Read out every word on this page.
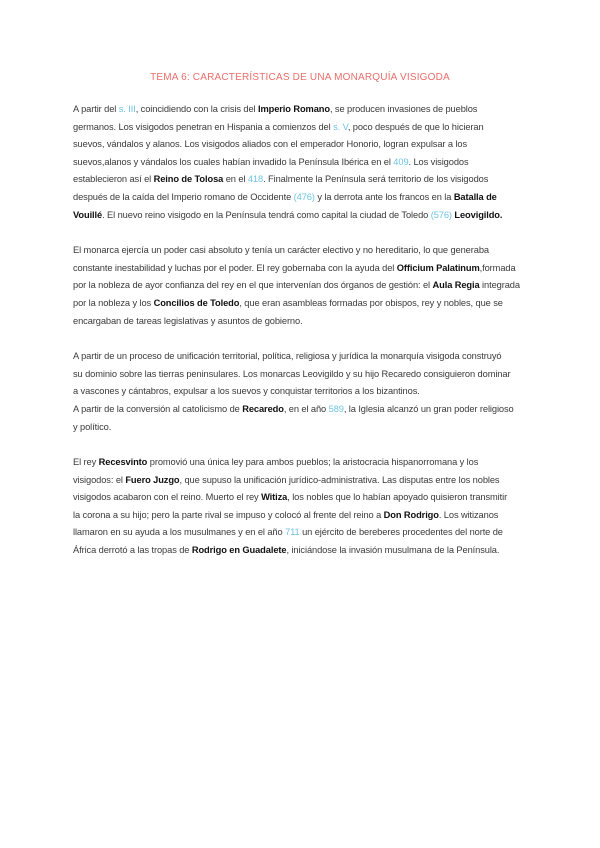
TEMA 6: CARACTERÍSTICAS DE UNA MONARQUÍA VISIGODA

A partir del s. III, coincidiendo con la crisis del Imperio Romano, se producen invasiones de pueblos
germanos. Los visigodos penetran en Hispania a comienzos del s. V, poco después de que lo hicieran
suevos, vándalos y alanos. Los visigodos aliados con el emperador Honorio, logran expulsar a los
suevos,alanos y vándalos los cuales habían invadido la Península Ibérica en el 409. Los visigodos
establecieron así el Reino de Tolosa en el 418. Finalmente la Península será territorio de los visigodos
después de la caída del Imperio romano de Occidente (476) y la derrota ante los francos en la Batalla de
Vouillé. El nuevo reino visigodo en la Península tendrá como capital la ciudad de Toledo (576) Leovigildo.

El monarca ejercía un poder casi absoluto y tenía un carácter electivo y no hereditario, lo que generaba
constante inestabilidad y luchas por el poder. El rey gobernaba con la ayuda del Officium Palatinum,formada
por la nobleza de ayor confianza del rey en el que intervenían dos órganos de gestión: el Aula Regia integrada
por la nobleza y los Concilios de Toledo, que eran asambleas formadas por obispos, rey y nobles, que se
encargaban de tareas legislativas y asuntos de gobierno.

A partir de un proceso de unificación territorial, política, religiosa y jurídica la monarquía visigoda construyó
su dominio sobre las tierras peninsulares. Los monarcas Leovigildo y su hijo Recaredo consiguieron dominar
a vascones y cántabros, expulsar a los suevos y conquistar territorios a los bizantinos.
A partir de la conversión al catolicismo de Recaredo, en el año 589, la Iglesia alcanzó un gran poder religioso
y político.

El rey Recesvinto promovió una única ley para ambos pueblos; la aristocracia hispanorromana y los
visigodos: el Fuero Juzgo, que supuso la unificación jurídico-administrativa. Las disputas entre los nobles
visigodos acabaron con el reino. Muerto el rey Witiza, los nobles que lo habían apoyado quisieron transmitir
la corona a su hijo; pero la parte rival se impuso y colocó al frente del reino a Don Rodrigo. Los witizanos
llamaron en su ayuda a los musulmanes y en el año 711 un ejército de bereberes procedentes del norte de
África derrotó a las tropas de Rodrigo en Guadalete, iniciándose la invasión musulmana de la Península.
